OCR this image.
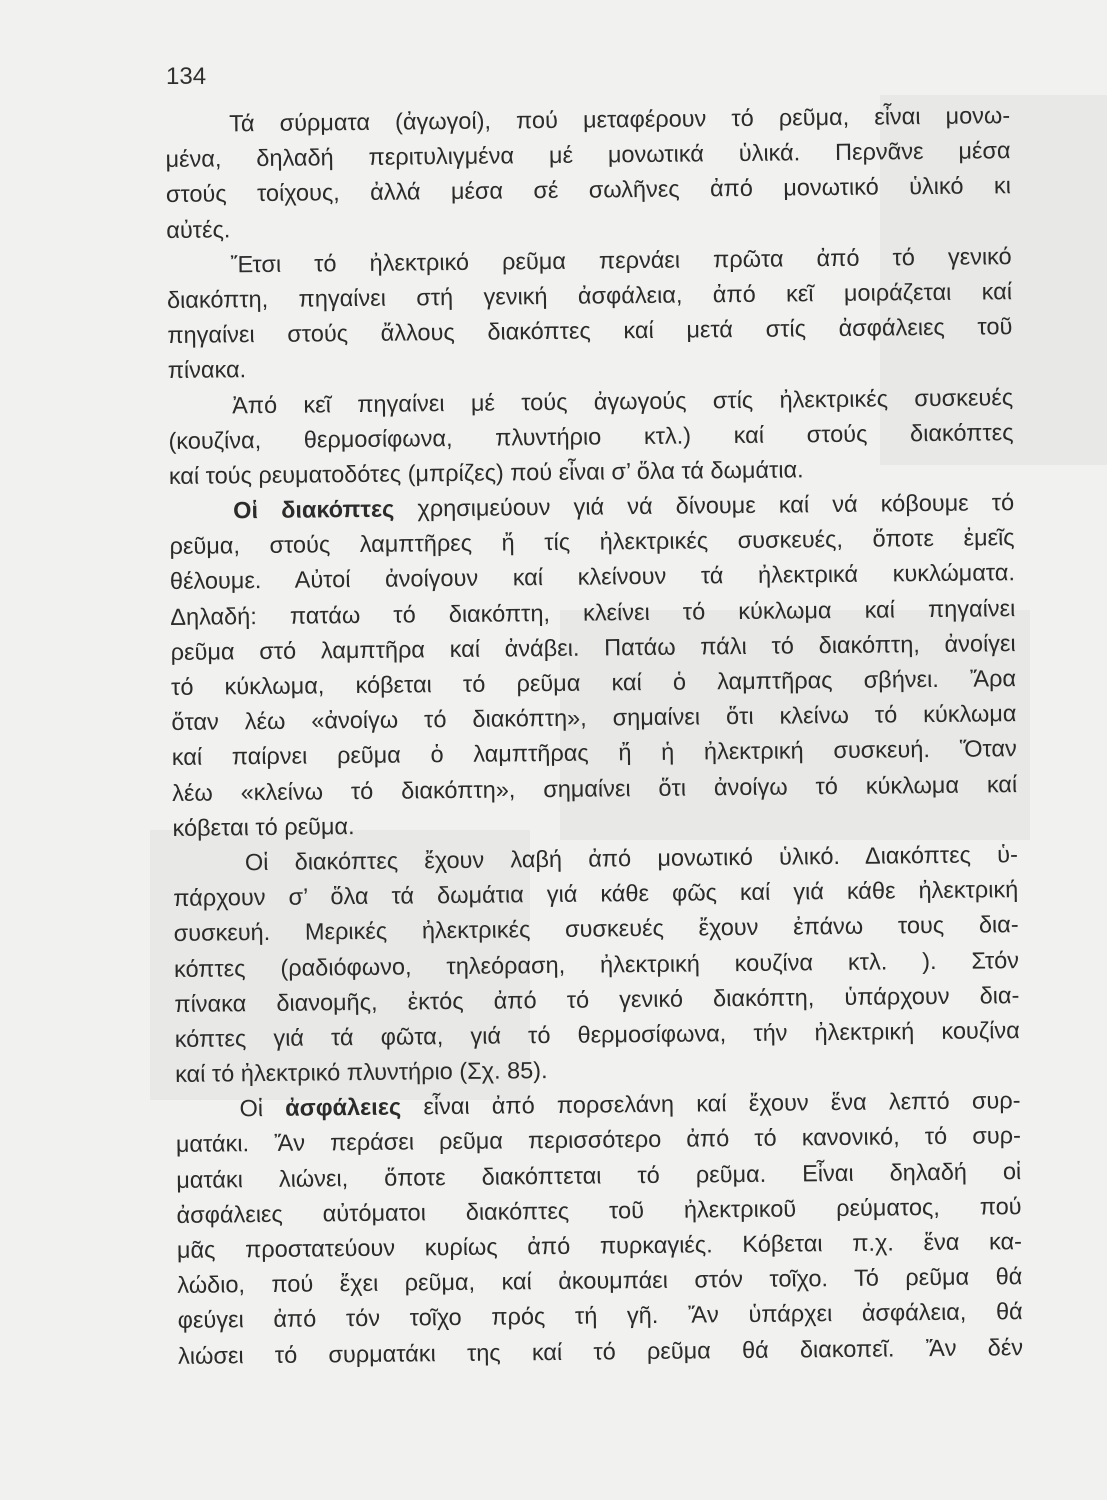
134
Τά σύρματα (ἀγωγοί), πού μεταφέρουν τό ρεῦμα, εἶναι μονω-
μένα, δηλαδή περιτυλιγμένα μέ μονωτικά ὑλικά. Περνᾶνε μέσα
στούς τοίχους, ἀλλά μέσα σέ σωλῆνες ἀπό μονωτικό ὑλικό κι
αὐτές.
Ἔτσι τό ἠλεκτρικό ρεῦμα περνάει πρῶτα ἀπό τό γενικό
διακόπτη, πηγαίνει στή γενική ἀσφάλεια, ἀπό κεῖ μοιράζεται καί
πηγαίνει στούς ἄλλους διακόπτες καί μετά στίς ἀσφάλειες τοῦ
πίνακα.
Ἀπό κεῖ πηγαίνει μέ τούς ἀγωγούς στίς ἠλεκτρικές συσκευές
(κουζίνα, θερμοσίφωνα, πλυντήριο κτλ.) καί στούς διακόπτες
καί τούς ρευματοδότες (μπρίζες) πού εἶναι σ’ ὅλα τά δωμάτια.
Οἱ διακόπτες χρησιμεύουν γιά νά δίνουμε καί νά κόβουμε τό
ρεῦμα, στούς λαμπτῆρες ἤ τίς ἠλεκτρικές συσκευές, ὅποτε ἐμεῖς
θέλουμε. Αὐτοί ἀνοίγουν καί κλείνουν τά ἠλεκτρικά κυκλώματα.
Δηλαδή: πατάω τό διακόπτη, κλείνει τό κύκλωμα καί πηγαίνει
ρεῦμα στό λαμπτῆρα καί ἀνάβει. Πατάω πάλι τό διακόπτη, ἀνοίγει
τό κύκλωμα, κόβεται τό ρεῦμα καί ὁ λαμπτῆρας σβήνει. Ἄρα
ὅταν λέω «ἀνοίγω τό διακόπτη», σημαίνει ὅτι κλείνω τό κύκλωμα
καί παίρνει ρεῦμα ὁ λαμπτῆρας ἤ ἡ ἠλεκτρική συσκευή. Ὅταν
λέω «κλείνω τό διακόπτη», σημαίνει ὅτι ἀνοίγω τό κύκλωμα καί
κόβεται τό ρεῦμα.
Οἱ διακόπτες ἔχουν λαβή ἀπό μονωτικό ὑλικό. Διακόπτες ὑ-
πάρχουν σ’ ὅλα τά δωμάτια γιά κάθε φῶς καί γιά κάθε ἠλεκτρική
συσκευή. Μερικές ἠλεκτρικές συσκευές ἔχουν ἐπάνω τους δια-
κόπτες (ραδιόφωνο, τηλεόραση, ἠλεκτρική κουζίνα κτλ. ). Στόν
πίνακα διανομῆς, ἐκτός ἀπό τό γενικό διακόπτη, ὑπάρχουν δια-
κόπτες γιά τά φῶτα, γιά τό θερμοσίφωνα, τήν ἠλεκτρική κουζίνα
καί τό ἠλεκτρικό πλυντήριο (Σχ. 85).
Οἱ ἀσφάλειες εἶναι ἀπό πορσελάνη καί ἔχουν ἕνα λεπτό συρ-
ματάκι. Ἄν περάσει ρεῦμα περισσότερο ἀπό τό κανονικό, τό συρ-
ματάκι λιώνει, ὅποτε διακόπτεται τό ρεῦμα. Εἶναι δηλαδή οἱ
ἀσφάλειες αὐτόματοι διακόπτες τοῦ ἠλεκτρικοῦ ρεύματος, πού
μᾶς προστατεύουν κυρίως ἀπό πυρκαγιές. Κόβεται π.χ. ἕνα κα-
λώδιο, πού ἔχει ρεῦμα, καί ἀκουμπάει στόν τοῖχο. Τό ρεῦμα θά
φεύγει ἀπό τόν τοῖχο πρός τή γῆ. Ἄν ὑπάρχει ἀσφάλεια, θά
λιώσει τό συρματάκι της καί τό ρεῦμα θά διακοπεῖ. Ἄν δέν
